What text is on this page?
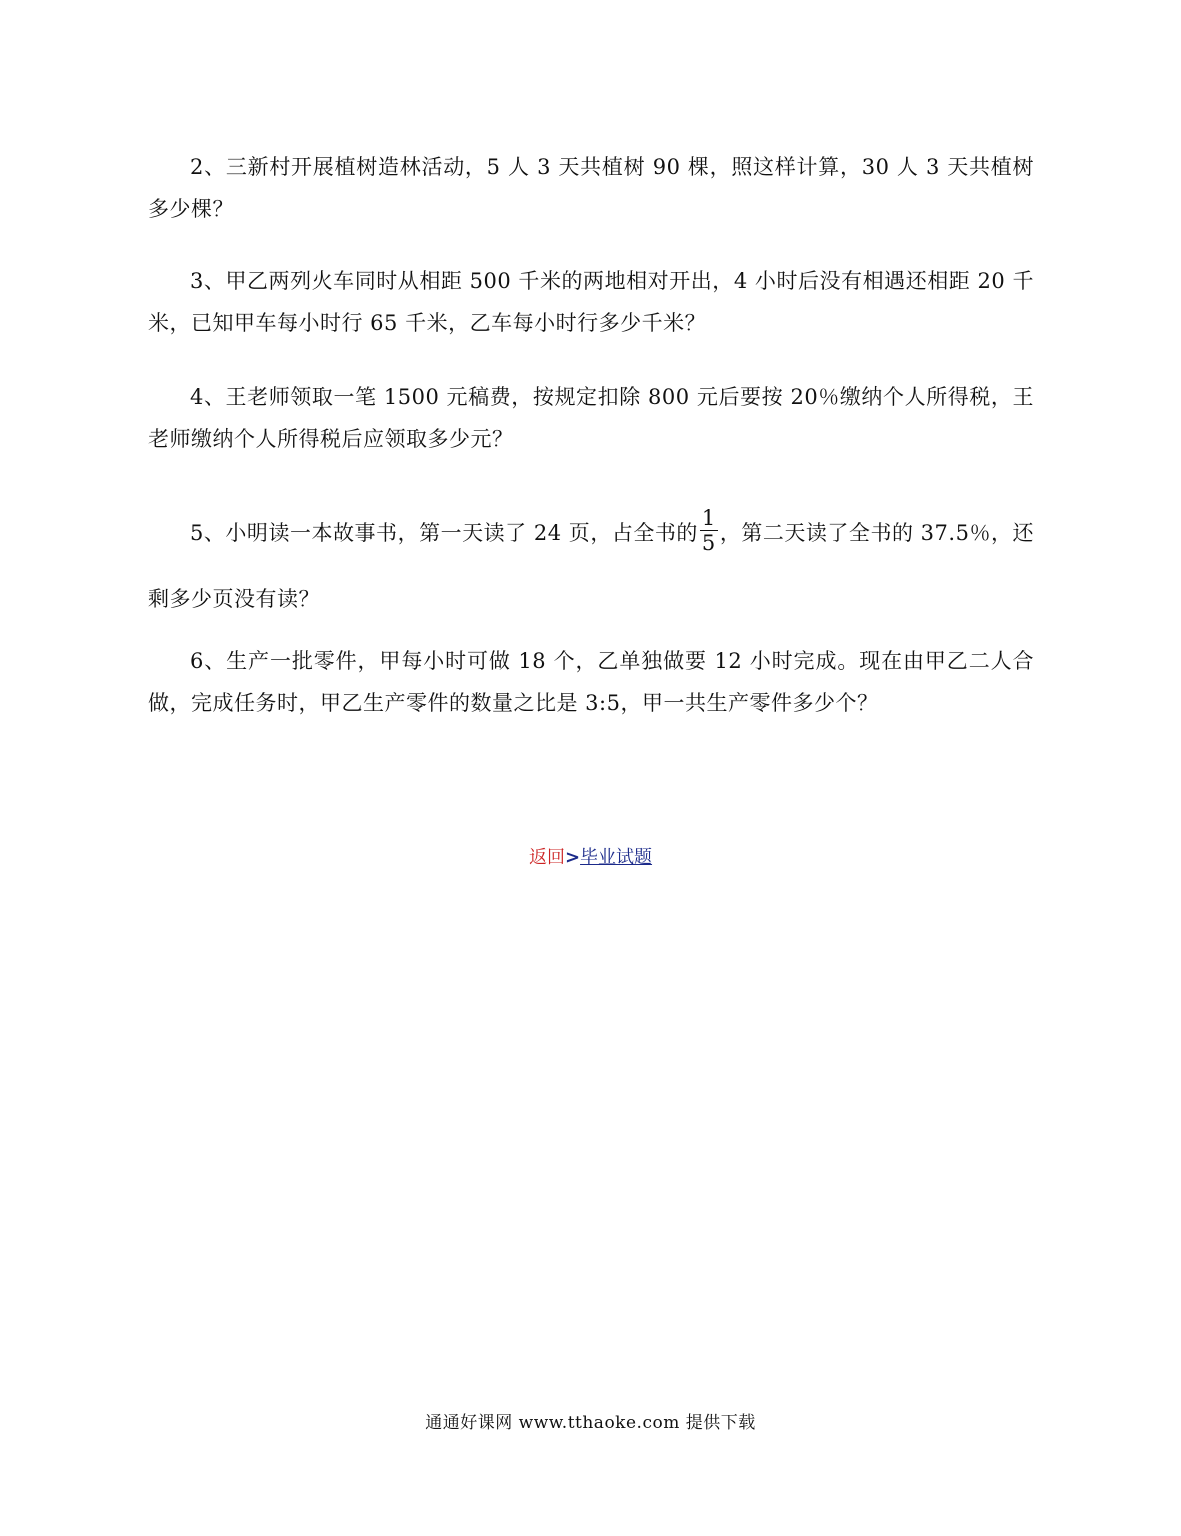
2、三新村开展植树造林活动，5 人 3 天共植树 90 棵，照这样计算，30 人 3 天共植树多少棵？

3、甲乙两列火车同时从相距 500 千米的两地相对开出，4 小时后没有相遇还相距 20 千米，已知甲车每小时行 65 千米，乙车每小时行多少千米？

4、王老师领取一笔 1500 元稿费，按规定扣除 800 元后要按 20％缴纳个人所得税，王老师缴纳个人所得税后应领取多少元？

5、小明读一本故事书，第一天读了 24 页，占全书的 $\frac{1}{5}$ ，第二天读了全书的 37.5％，还剩多少页没有读？

6、生产一批零件，甲每小时可做 18 个，乙单独做要 12 小时完成。现在由甲乙二人合做，完成任务时，甲乙生产零件的数量之比是 3:5，甲一共生产零件多少个？

返回>毕业试题
通通好课网 www.tthaoke.com 提供下载
